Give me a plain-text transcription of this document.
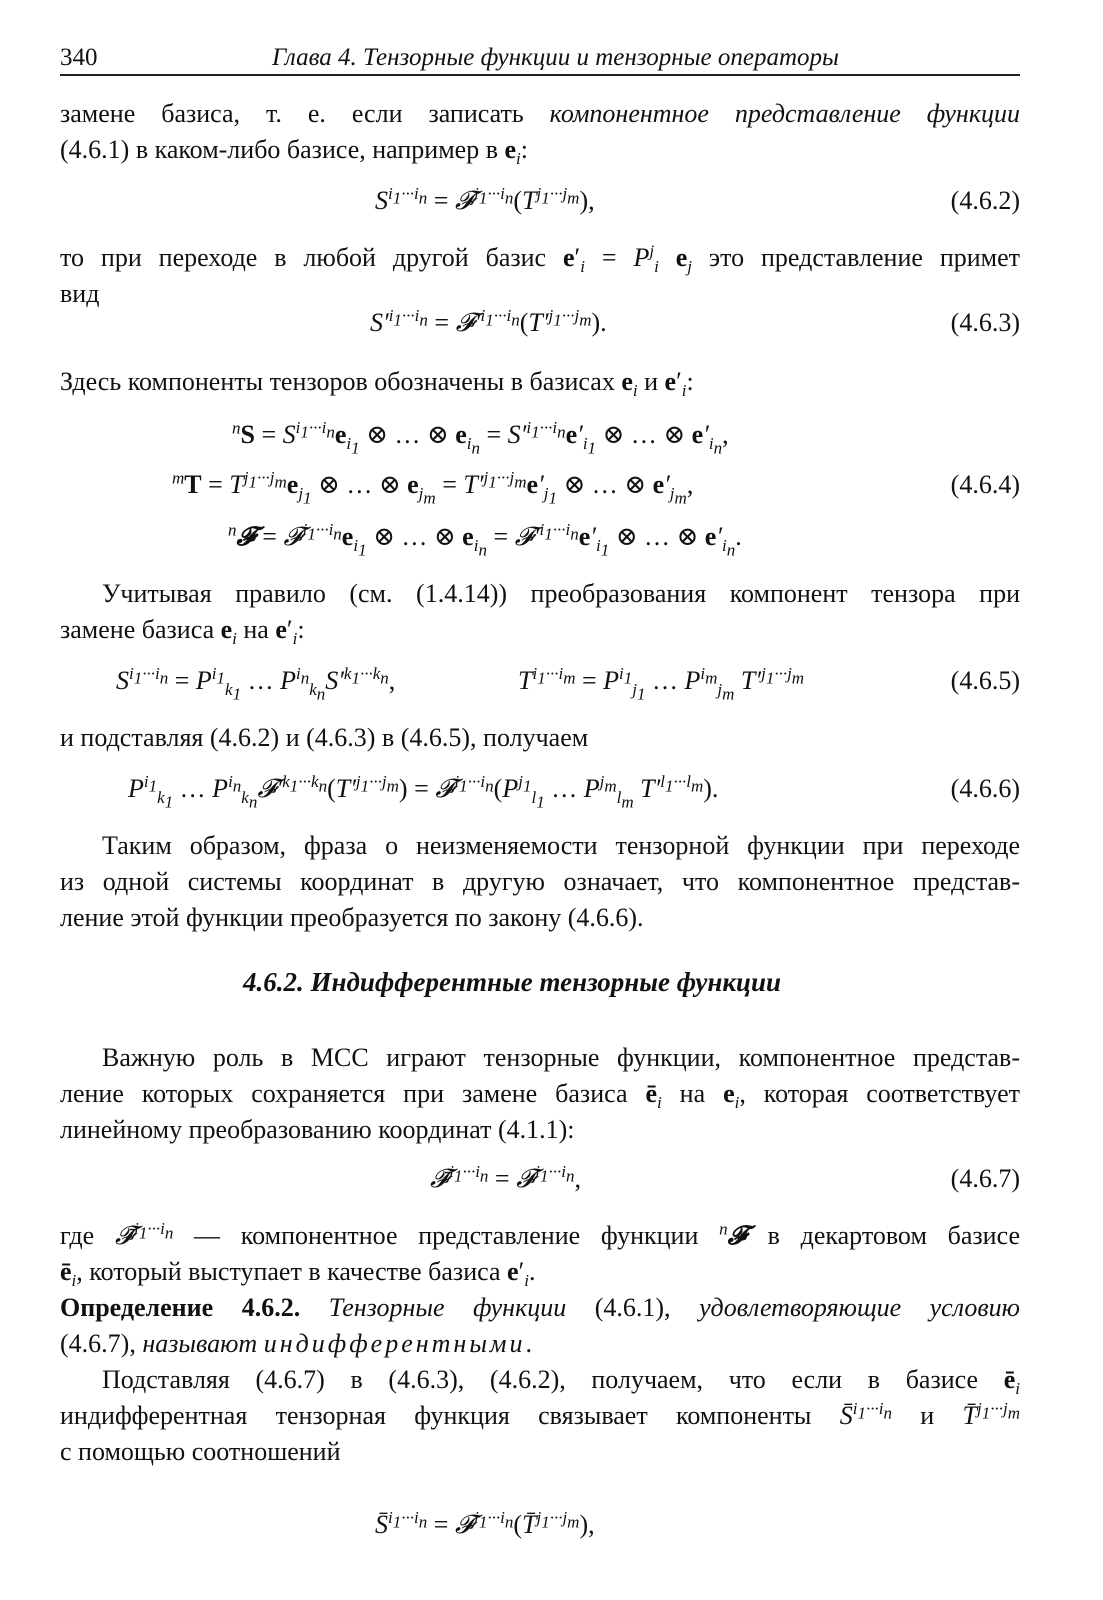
340	Глава 4. Тензорные функции и тензорные операторы
замене базиса, т. е. если записать компонентное представление функции
(4.6.1) в каком-либо базисе, например в $e_i$:
$S^{i_1\cdot\cdot\cdot i_n}$ = $𝓕^{i_1\cdot\cdot\cdot i_n}(T^{j_1\cdot\cdot\cdot j_m})$,	(4.6.2)
то при переходе в любой другой базис $e'_i = P^j_i$ $e_j$ это представление примет
вид
$S'^{i_1\cdot\cdot\cdot i_n}$ = $𝓕'^{i_1\cdot\cdot\cdot i_n}(T'^{j_1\cdot\cdot\cdot j_m})$.	(4.6.3)
Здесь компоненты тензоров обозначены в базисах $e_i$ и $e'_i$:
$^nS = S^{i_1\cdot\cdot\cdot i_n}e_{i_1}$ ⊗ … ⊗ $e_{i_n} = S'^{i_1\cdot\cdot\cdot i_n}e'_{i_1}$ ⊗ … ⊗ $e'_{i_n}$,
$^mT = T^{j_1\cdot\cdot\cdot j_m}e_{j_1}$ ⊗ … ⊗ $e_{j_m} = T'^{j_1\cdot\cdot\cdot j_m}e'_{j_1}$ ⊗ … ⊗ $e'_{j_m}$,	(4.6.4)
$^n$𝓕 = $𝓕^{i_1\cdot\cdot\cdot i_n}e_{i_1}$ ⊗ … ⊗ $e_{i_n}$ = $𝓕'^{i_1\cdot\cdot\cdot i_n}e'_{i_1}$ ⊗ … ⊗ $e'_{i_n}$.
Учитывая правило (см. (1.4.14)) преобразования компонент тензора при
замене базиса $e_i$ на $e'_i$:
$S^{i_1\cdot\cdot\cdot i_n} = P^{i_1}_{k_1}$ … $P^{i_n}_{k_n}S'^{k_1\cdot\cdot\cdot k_n}$,	$T^{i_1\cdot\cdot\cdot i_m} = P^{i_1}_{j_1}$ … $P^{i_m}_{j_m}$ $T'^{j_1\cdot\cdot\cdot j_m}$	(4.6.5)
и подставляя (4.6.2) и (4.6.3) в (4.6.5), получаем
$P^{i_1}_{k_1}$ … $P^{i_n}_{k_n}𝓕'^{k_1\cdot\cdot\cdot k_n}(T'^{j_1\cdot\cdot\cdot j_m})$ = $𝓕^{i_1\cdot\cdot\cdot i_n}(P^{j_1}_{l_1}$ … $P^{j_m}_{l_m}$ $T'^{l_1\cdot\cdot\cdot l_m}$).	(4.6.6)
Таким образом, фраза о неизменяемости тензорной функции при переходе
из одной системы координат в другую означает, что компонентное представ-
ление этой функции преобразуется по закону (4.6.6).
4.6.2. Индифферентные тензорные функции
Важную роль в МСС играют тензорные функции, компонентное представ-
ление которых сохраняется при замене базиса $ē_i$ на $e_i$, которая соответствует
линейному преобразованию координат (4.1.1):
𝓕̄$^{i_1\cdot\cdot\cdot i_n}$ = 𝓕$^{i_1\cdot\cdot\cdot i_n}$,	(4.6.7)
где 𝓕̄$^{i_1\cdot\cdot\cdot i_n}$ — компонентное представление функции $^n$𝓕 в декартовом базисе
$ē_i$, который выступает в качестве базиса $e'_i$.
Определение 4.6.2. Тензорные функции (4.6.1), удовлетворяющие условию
(4.6.7), называют индифферентными.
Подставляя (4.6.7) в (4.6.3), (4.6.2), получаем, что если в базисе $ē_i$
индифферентная тензорная функция связывает компоненты S̄$^{i_1\cdot\cdot\cdot i_n}$ и T̄$^{j_1\cdot\cdot\cdot j_m}$
с помощью соотношений
S̄$^{i_1\cdot\cdot\cdot i_n}$ = 𝓕$^{i_1\cdot\cdot\cdot i_n}$(T̄$^{j_1\cdot\cdot\cdot j_m}$),
